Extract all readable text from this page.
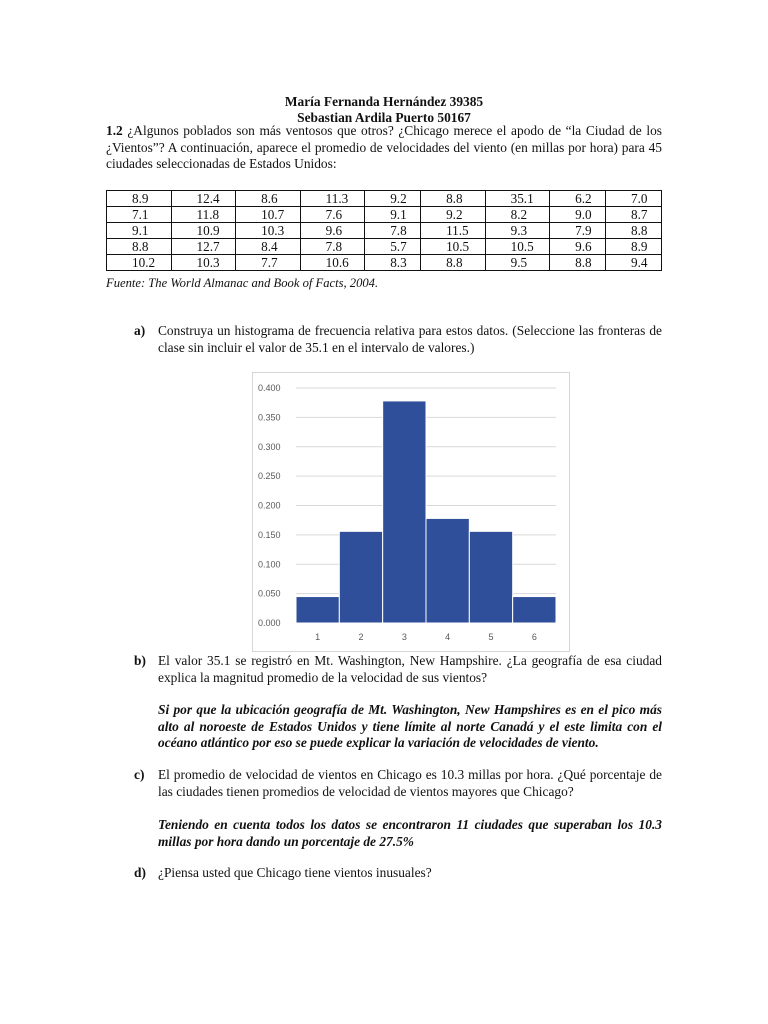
María Fernanda Hernández 39385
Sebastian Ardila Puerto 50167
1.2 ¿Algunos poblados son más ventosos que otros? ¿Chicago merece el apodo de “la Ciudad de los ¿Vientos”? A continuación, aparece el promedio de velocidades del viento (en millas por hora) para 45 ciudades seleccionadas de Estados Unidos:
8.9	12.4	8.6	11.3	9.2	8.8	35.1	6.2	7.0
7.1	11.8	10.7	7.6	9.1	9.2	8.2	9.0	8.7
9.1	10.9	10.3	9.6	7.8	11.5	9.3	7.9	8.8
8.8	12.7	8.4	7.8	5.7	10.5	10.5	9.6	8.9
10.2	10.3	7.7	10.6	8.3	8.8	9.5	8.8	9.4
Fuente: The World Almanac and Book of Facts, 2004.
a) Construya un histograma de frecuencia relativa para estos datos. (Seleccione las fronteras de clase sin incluir el valor de 35.1 en el intervalo de valores.)
0.000
0.050
0.100
0.150
0.200
0.250
0.300
0.350
0.400
1	2	3	4	5	6
b) El valor 35.1 se registró en Mt. Washington, New Hampshire. ¿La geografía de esa ciudad explica la magnitud promedio de la velocidad de sus vientos?
Si por que la ubicación geografía de Mt. Washington, New Hampshires es en el pico más alto al noroeste de Estados Unidos y tiene límite al norte Canadá y el este limita con el océano atlántico por eso se puede explicar la variación de velocidades de viento.
c) El promedio de velocidad de vientos en Chicago es 10.3 millas por hora. ¿Qué porcentaje de las ciudades tienen promedios de velocidad de vientos mayores que Chicago?
Teniendo en cuenta todos los datos se encontraron 11 ciudades que superaban los 10.3 millas por hora dando un porcentaje de 27.5%
d) ¿Piensa usted que Chicago tiene vientos inusuales?
